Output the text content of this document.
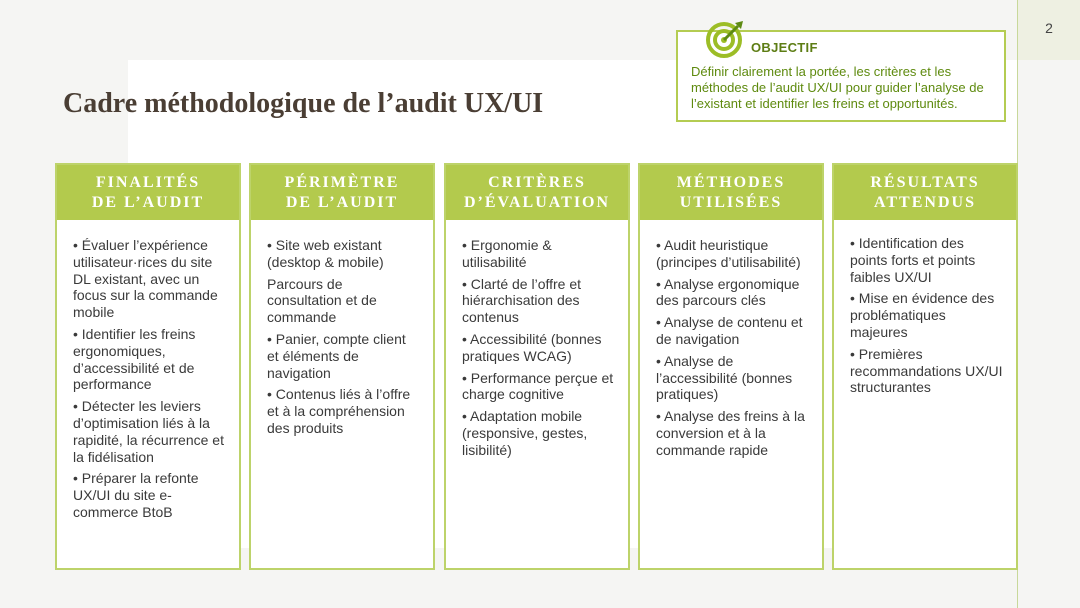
2
Cadre méthodologique de l’audit UX/UI
OBJECTIF
Définir clairement la portée, les critères et les méthodes de l’audit UX/UI pour guider l’analyse de l’existant et identifier les freins et opportunités.
FINALITÉS
DE L’AUDIT
• Évaluer l’expérience utilisateur·rices du site DL existant, avec un focus sur la commande mobile
• Identifier les freins ergonomiques, d’accessibilité et de performance
• Détecter les leviers d’optimisation liés à la rapidité, la récurrence et la fidélisation
• Préparer la refonte UX/UI du site e-commerce BtoB
PÉRIMÈTRE
DE L’AUDIT
• Site web existant (desktop & mobile)
Parcours de consultation et de commande
• Panier, compte client et éléments de navigation
• Contenus liés à l’offre et à la compréhension des produits
CRITÈRES
D’ÉVALUATION
• Ergonomie & utilisabilité
• Clarté de l’offre et hiérarchisation des contenus
• Accessibilité (bonnes pratiques WCAG)
• Performance perçue et charge cognitive
• Adaptation mobile (responsive, gestes, lisibilité)
MÉTHODES
UTILISÉES
• Audit heuristique (principes d’utilisabilité)
• Analyse ergonomique des parcours clés
• Analyse de contenu et de navigation
• Analyse de l’accessibilité (bonnes pratiques)
• Analyse des freins à la conversion et à la commande rapide
RÉSULTATS
ATTENDUS
• Identification des points forts et points faibles UX/UI
• Mise en évidence des problématiques majeures
• Premières recommandations UX/UI structurantes
